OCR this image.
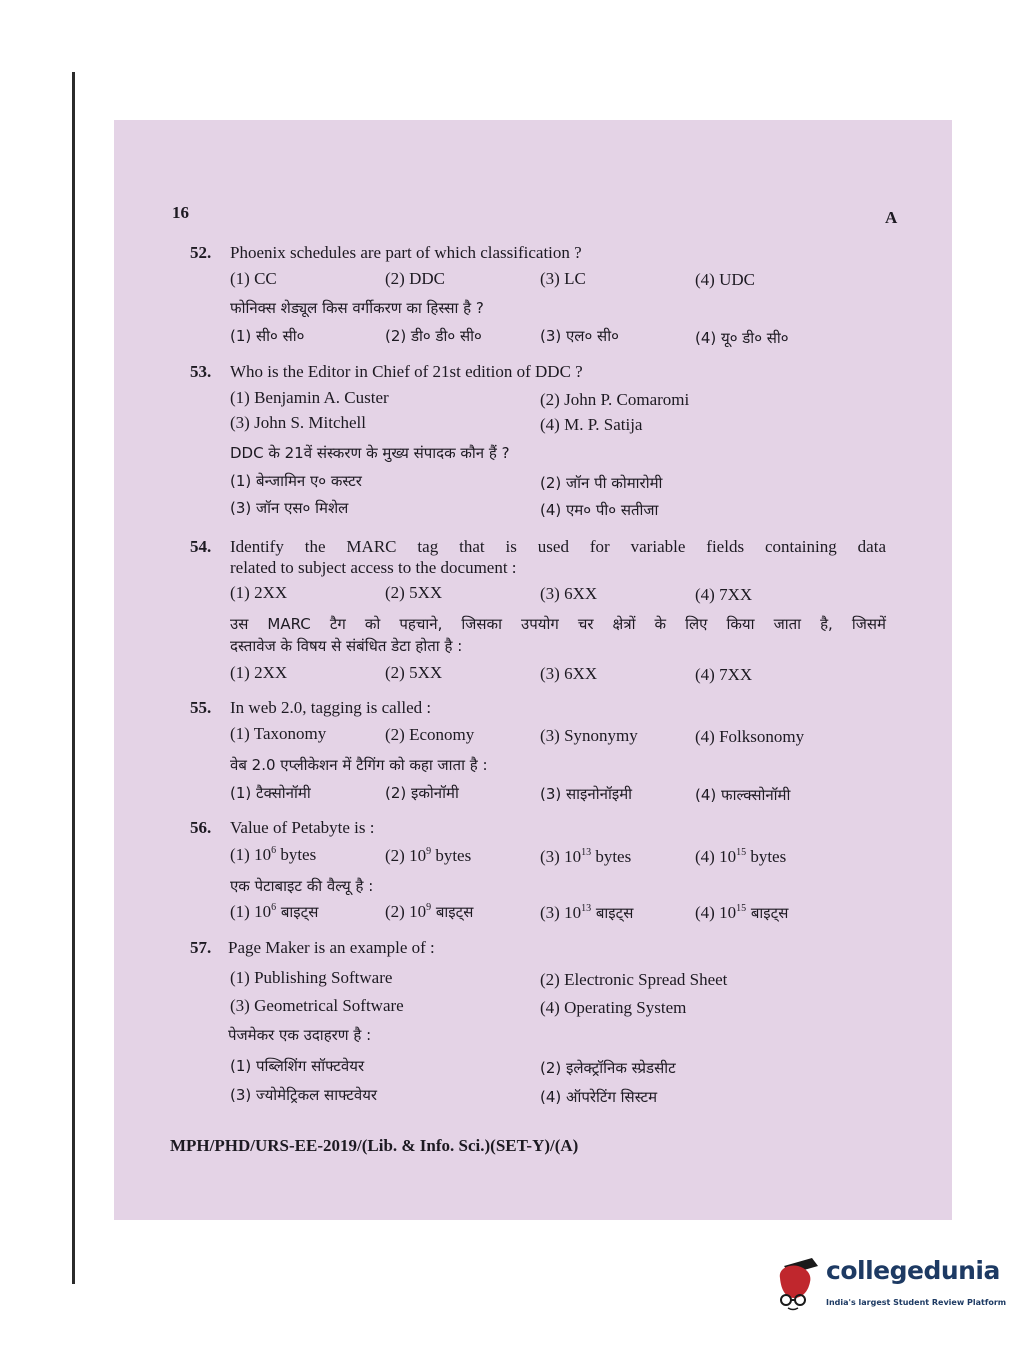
16	A
52. Phoenix schedules are part of which classification ?
(1) CC	(2) DDC	(3) LC	(4) UDC
फोनिक्स शेड्यूल किस वर्गीकरण का हिस्सा है ?
(1) सी० सी०	(2) डी० डी० सी०	(3) एल० सी०	(4) यू० डी० सी०
53. Who is the Editor in Chief of 21st edition of DDC ?
(1) Benjamin A. Custer	(2) John P. Comaromi
(3) John S. Mitchell	(4) M. P. Satija
DDC के 21वें संस्करण के मुख्य संपादक कौन हैं ?
(1) बेन्जामिन ए० कस्टर	(2) जॉन पी कोमारोमी
(3) जॉन एस० मिशेल	(4) एम० पी० सतीजा
54. Identify the MARC tag that is used for variable fields containing data
related to subject access to the document :
(1) 2XX	(2) 5XX	(3) 6XX	(4) 7XX
उस MARC टैग को पहचाने, जिसका उपयोग चर क्षेत्रों के लिए किया जाता है, जिसमें
दस्तावेज के विषय से संबंधित डेटा होता है :
(1) 2XX	(2) 5XX	(3) 6XX	(4) 7XX
55. In web 2.0, tagging is called :
(1) Taxonomy	(2) Economy	(3) Synonymy	(4) Folksonomy
वेब 2.0 एप्लीकेशन में टैगिंग को कहा जाता है :
(1) टैक्सोनॉमी	(2) इकोनॉमी	(3) साइनोनॉइमी	(4) फाल्क्सोनॉमी
56. Value of Petabyte is :
(1) $10^6$ bytes	(2) $10^9$ bytes	(3) $10^{13}$ bytes	(4) $10^{15}$ bytes
एक पेटाबाइट की वैल्यू है :
(1) $10^6$ बाइट्स	(2) $10^9$ बाइट्स	(3) $10^{13}$ बाइट्स	(4) $10^{15}$ बाइट्स
57. Page Maker is an example of :
(1) Publishing Software	(2) Electronic Spread Sheet
(3) Geometrical Software	(4) Operating System
पेजमेकर एक उदाहरण है :
(1) पब्लिशिंग सॉफ्टवेयर	(2) इलेक्ट्रॉनिक स्प्रेडसीट
(3) ज्योमेट्रिकल साफ्टवेयर	(4) ऑपरेटिंग सिस्टम
MPH/PHD/URS-EE-2019/(Lib. & Info. Sci.)(SET-Y)/(A)
collegedunia
India's largest Student Review Platform
